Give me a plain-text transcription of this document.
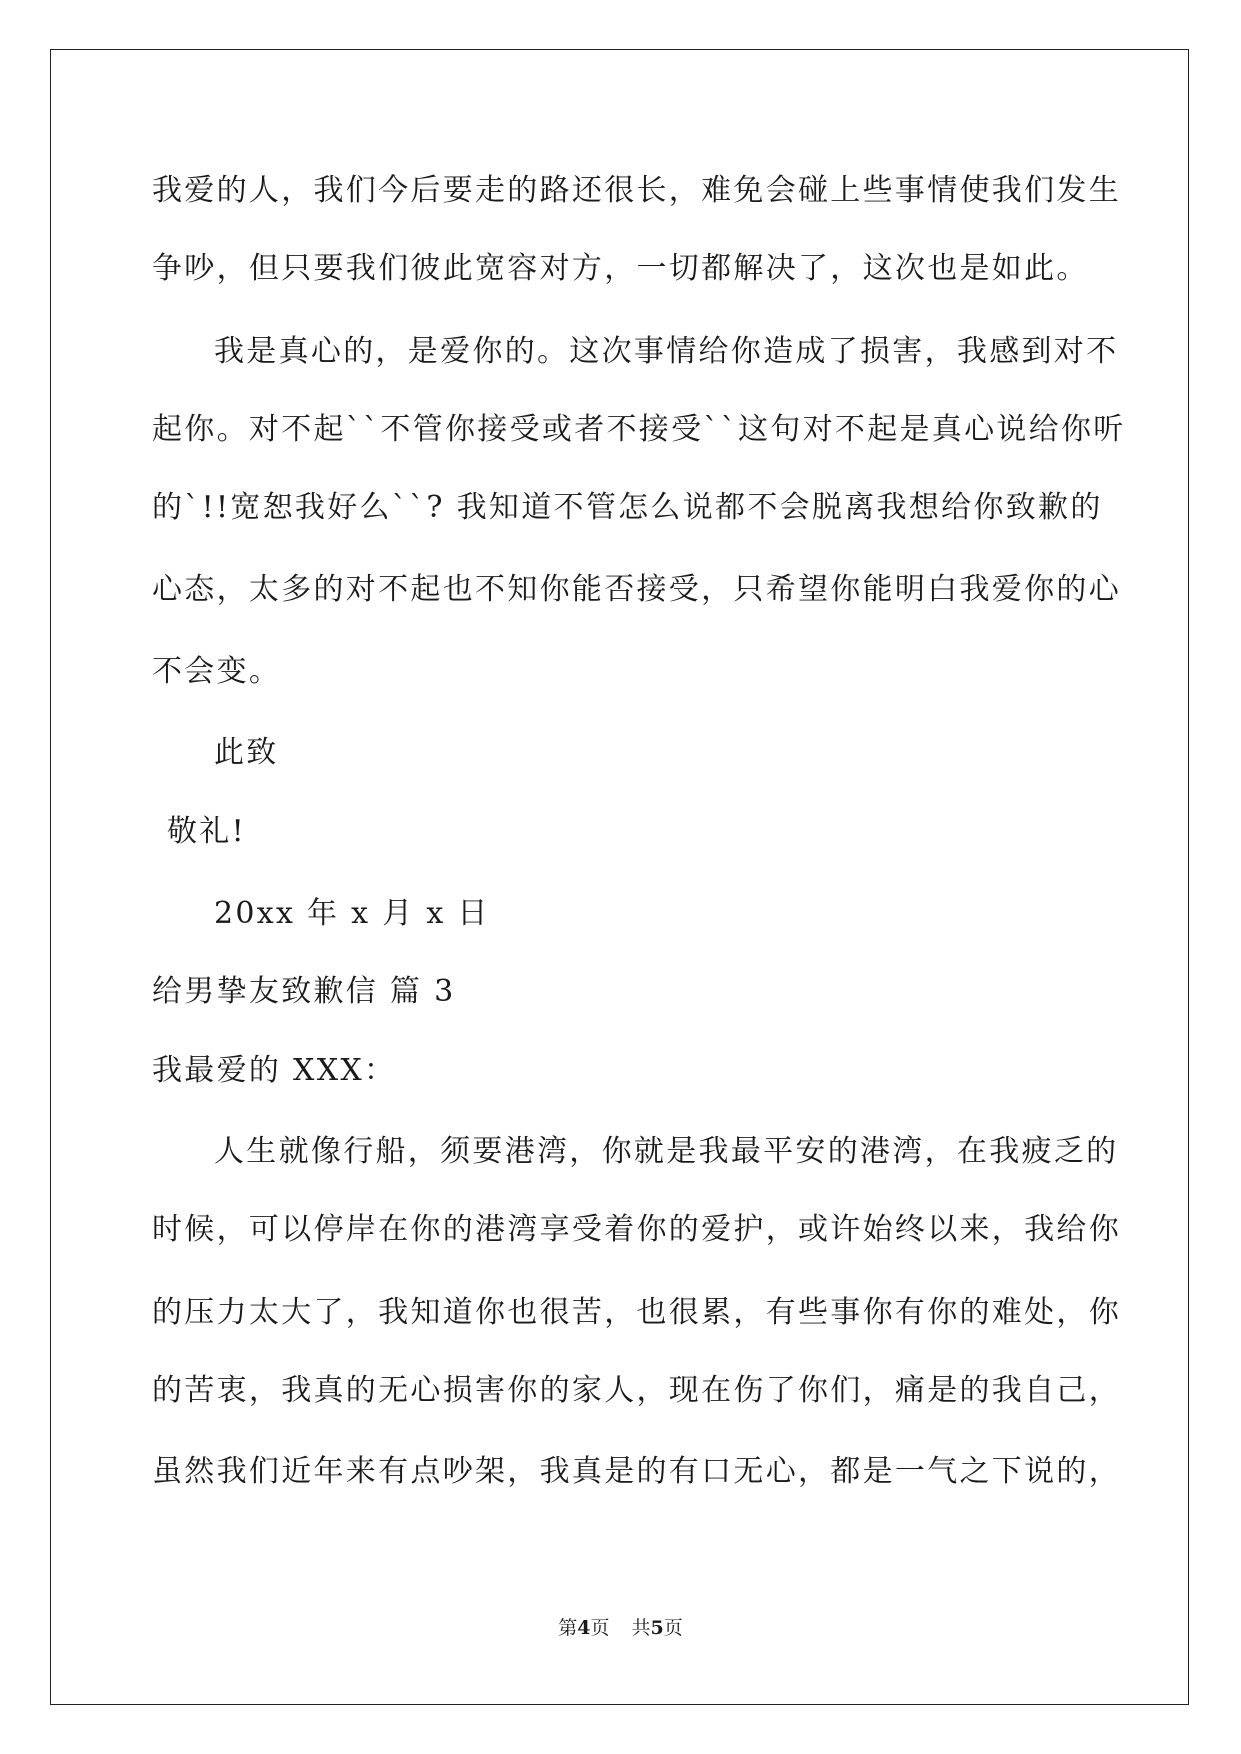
我爱的人，我们今后要走的路还很长，难免会碰上些事情使我们发生
争吵，但只要我们彼此宽容对方，一切都解决了，这次也是如此。
我是真心的，是爱你的。这次事情给你造成了损害，我感到对不
起你。对不起``不管你接受或者不接受``这句对不起是真心说给你听
的`!!宽恕我好么``? 我知道不管怎么说都不会脱离我想给你致歉的
心态，太多的对不起也不知你能否接受，只希望你能明白我爱你的心
不会变。
此致
敬礼!
20xx 年 x 月 x 日
给男挚友致歉信 篇 3
我最爱的 XXX：
人生就像行船，须要港湾，你就是我最平安的港湾，在我疲乏的
时候，可以停岸在你的港湾享受着你的爱护，或许始终以来，我给你
的压力太大了，我知道你也很苦，也很累，有些事你有你的难处，你
的苦衷，我真的无心损害你的家人，现在伤了你们，痛是的我自己，
虽然我们近年来有点吵架，我真是的有口无心，都是一气之下说的，
第4页 共5页
